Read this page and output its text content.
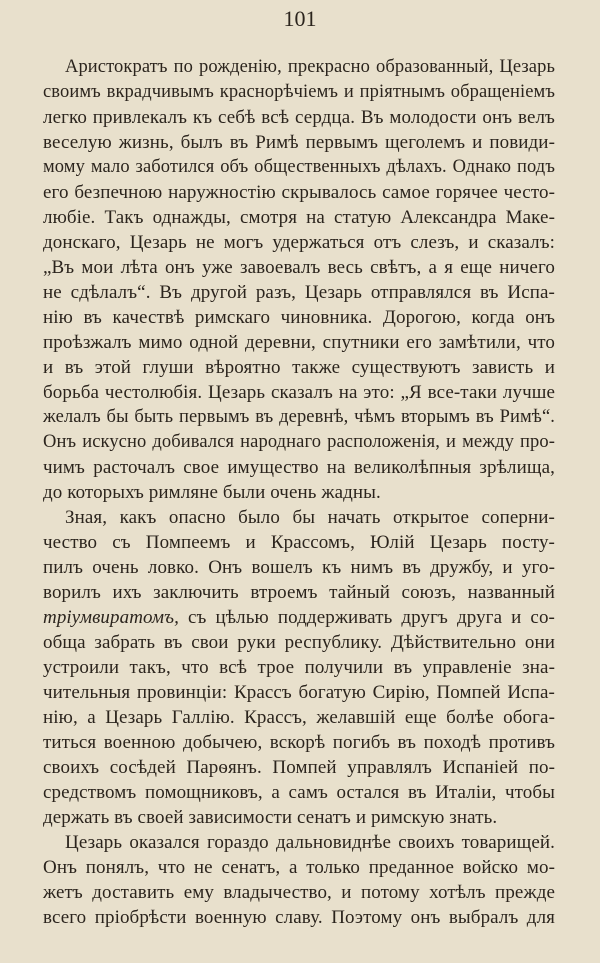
101
Аристократъ по рожденію, прекрасно образованный, Цезарь
своимъ вкрадчивымъ краснорѣчіемъ и пріятнымъ обращеніемъ
легко привлекалъ къ себѣ всѣ сердца. Въ молодости онъ велъ
веселую жизнь, былъ въ Римѣ первымъ щеголемъ и повиди-
мому мало заботился объ общественныхъ дѣлахъ. Однако подъ
его безпечною наружностію скрывалось самое горячее често-
любіе. Такъ однажды, смотря на статую Александра Маке-
донскаго, Цезарь не могъ удержаться отъ слезъ, и сказалъ:
„Въ мои лѣта онъ уже завоевалъ весь свѣтъ, а я еще ничего
не сдѣлалъ“. Въ другой разъ, Цезарь отправлялся въ Испа-
нію въ качествѣ римскаго чиновника. Дорогою, когда онъ
проѣзжалъ мимо одной деревни, спутники его замѣтили, что
и въ этой глуши вѣроятно также существуютъ зависть и
борьба честолюбія. Цезарь сказалъ на это: „Я все-таки лучше
желалъ бы быть первымъ въ деревнѣ, чѣмъ вторымъ въ Римѣ“.
Онъ искусно добивался народнаго расположенія, и между про-
чимъ расточалъ свое имущество на великолѣпныя зрѣлища,
до которыхъ римляне были очень жадны.
Зная, какъ опасно было бы начать открытое соперни-
чество съ Помпеемъ и Крассомъ, Юлій Цезарь посту-
пилъ очень ловко. Онъ вошелъ къ нимъ въ дружбу, и уго-
ворилъ ихъ заключить втроемъ тайный союзъ, названный
тріумвиратомъ, съ цѣлью поддерживать другъ друга и со-
обща забрать въ свои руки республику. Дѣйствительно они
устроили такъ, что всѣ трое получили въ управленіе зна-
чительныя провинціи: Крассъ богатую Сирію, Помпей Испа-
нію, а Цезарь Галлію. Крассъ, желавшій еще болѣе обога-
титься военною добычею, вскорѣ погибъ въ походѣ противъ
своихъ сосѣдей Парѳянъ. Помпей управлялъ Испаніей по-
средствомъ помощниковъ, а самъ остался въ Италіи, чтобы
держать въ своей зависимости сенатъ и римскую знать.
Цезарь оказался гораздо дальновиднѣе своихъ товарищей.
Онъ понялъ, что не сенатъ, а только преданное войско мо-
жетъ доставить ему владычество, и потому хотѣлъ прежде
всего пріобрѣсти военную славу. Поэтому онъ выбралъ для
